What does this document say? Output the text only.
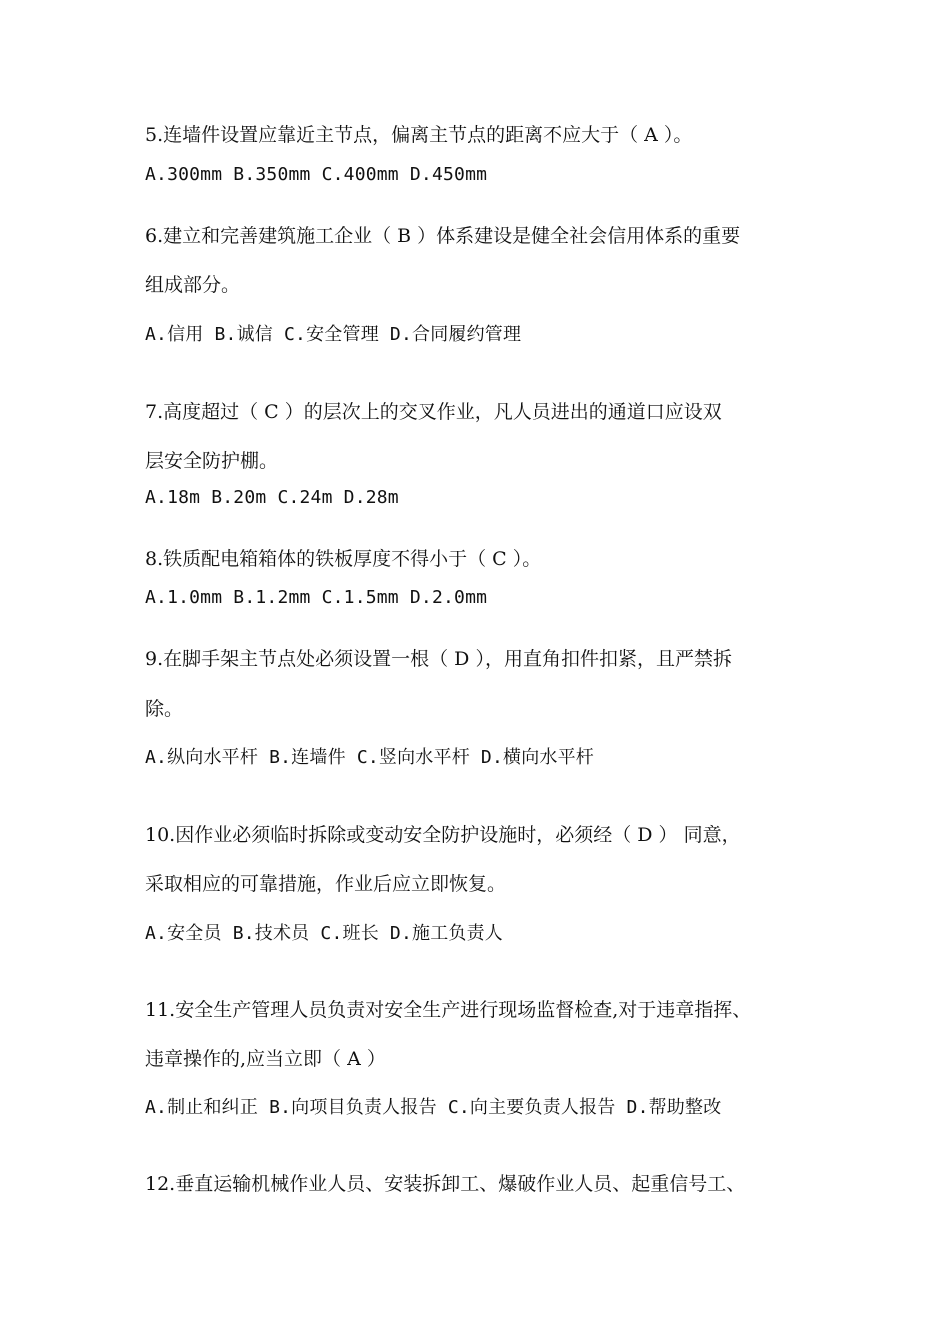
5.连墙件设置应靠近主节点，偏离主节点的距离不应大于（ A ）。
A.300mm B.350mm C.400mm D.450mm
6.建立和完善建筑施工企业（ B ）体系建设是健全社会信用体系的重要
组成部分。
A.信用 B.诚信 C.安全管理 D.合同履约管理
7.高度超过（ C ）的层次上的交叉作业，凡人员进出的通道口应设双
层安全防护棚。
A.18m B.20m C.24m D.28m
8.铁质配电箱箱体的铁板厚度不得小于（ C ）。
A.1.0mm B.1.2mm C.1.5mm D.2.0mm
9.在脚手架主节点处必须设置一根（ D ），用直角扣件扣紧，且严禁拆
除。
A.纵向水平杆 B.连墙件 C.竖向水平杆 D.横向水平杆
10.因作业必须临时拆除或变动安全防护设施时，必须经（ D ） 同意，
采取相应的可靠措施，作业后应立即恢复。
A.安全员 B.技术员 C.班长 D.施工负责人
11.安全生产管理人员负责对安全生产进行现场监督检查,对于违章指挥、
违章操作的,应当立即（ A ）
A.制止和纠正 B.向项目负责人报告 C.向主要负责人报告 D.帮助整改
12.垂直运输机械作业人员、安装拆卸工、爆破作业人员、起重信号工、
